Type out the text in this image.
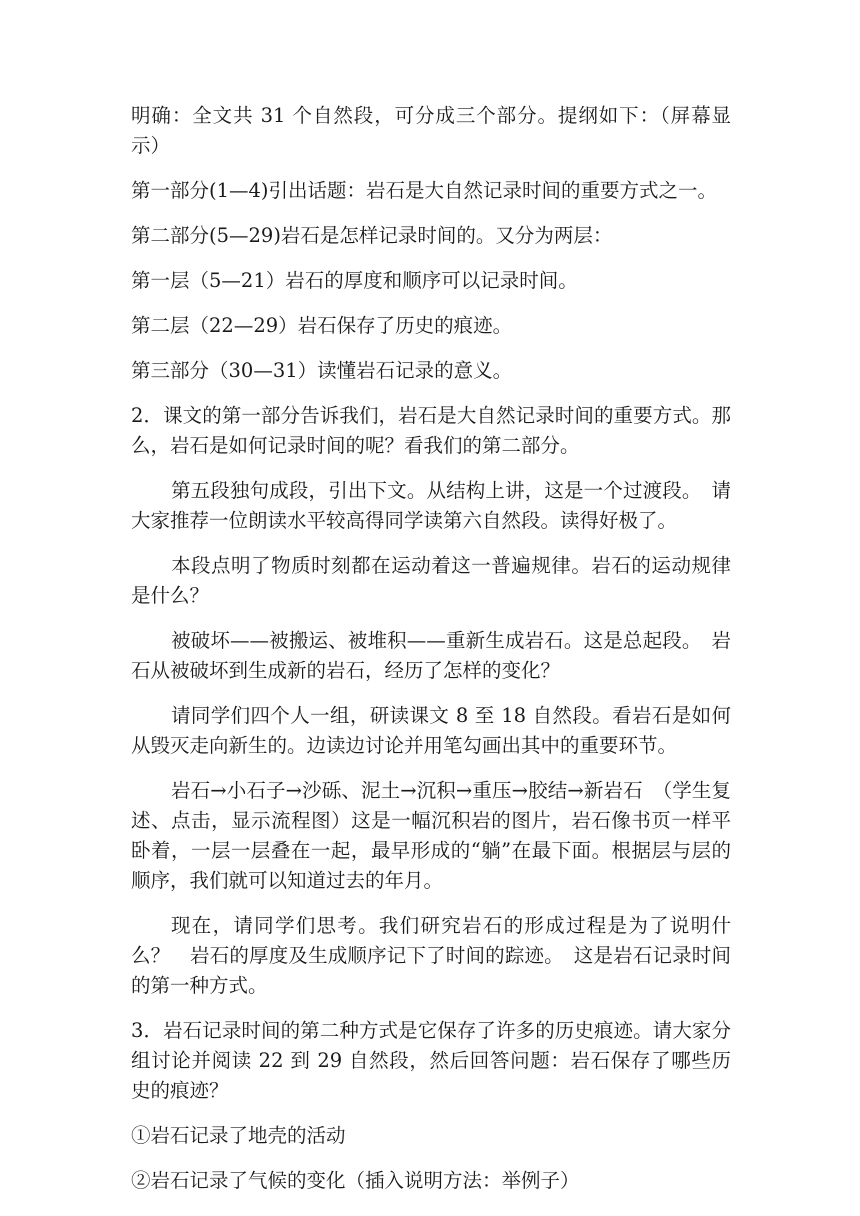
明确：全文共 31 个自然段，可分成三个部分。提纲如下：（屏幕显示）

第一部分(1—4)引出话题：岩石是大自然记录时间的重要方式之一。

第二部分(5—29)岩石是怎样记录时间的。又分为两层：

第一层（5—21）岩石的厚度和顺序可以记录时间。

第二层（22—29）岩石保存了历史的痕迹。

第三部分（30—31）读懂岩石记录的意义。

2．课文的第一部分告诉我们，岩石是大自然记录时间的重要方式。那么，岩石是如何记录时间的呢？看我们的第二部分。

第五段独句成段，引出下文。从结构上讲，这是一个过渡段。　请大家推荐一位朗读水平较高得同学读第六自然段。读得好极了。

本段点明了物质时刻都在运动着这一普遍规律。岩石的运动规律是什么？

被破坏——被搬运、被堆积——重新生成岩石。这是总起段。　岩石从被破坏到生成新的岩石，经历了怎样的变化？

请同学们四个人一组，研读课文 8 至 18 自然段。看岩石是如何从毁灭走向新生的。边读边讨论并用笔勾画出其中的重要环节。

岩石→小石子→沙砾、泥土→沉积→重压→胶结→新岩石　（学生复述、点击，显示流程图）这是一幅沉积岩的图片，岩石像书页一样平卧着，一层一层叠在一起，最早形成的“躺”在最下面。根据层与层的顺序，我们就可以知道过去的年月。

现在，请同学们思考。我们研究岩石的形成过程是为了说明什么？　岩石的厚度及生成顺序记下了时间的踪迹。　这是岩石记录时间的第一种方式。

3．岩石记录时间的第二种方式是它保存了许多的历史痕迹。请大家分组讨论并阅读 22 到 29 自然段，然后回答问题：岩石保存了哪些历史的痕迹？

①岩石记录了地壳的活动

②岩石记录了气候的变化（插入说明方法：举例子）
